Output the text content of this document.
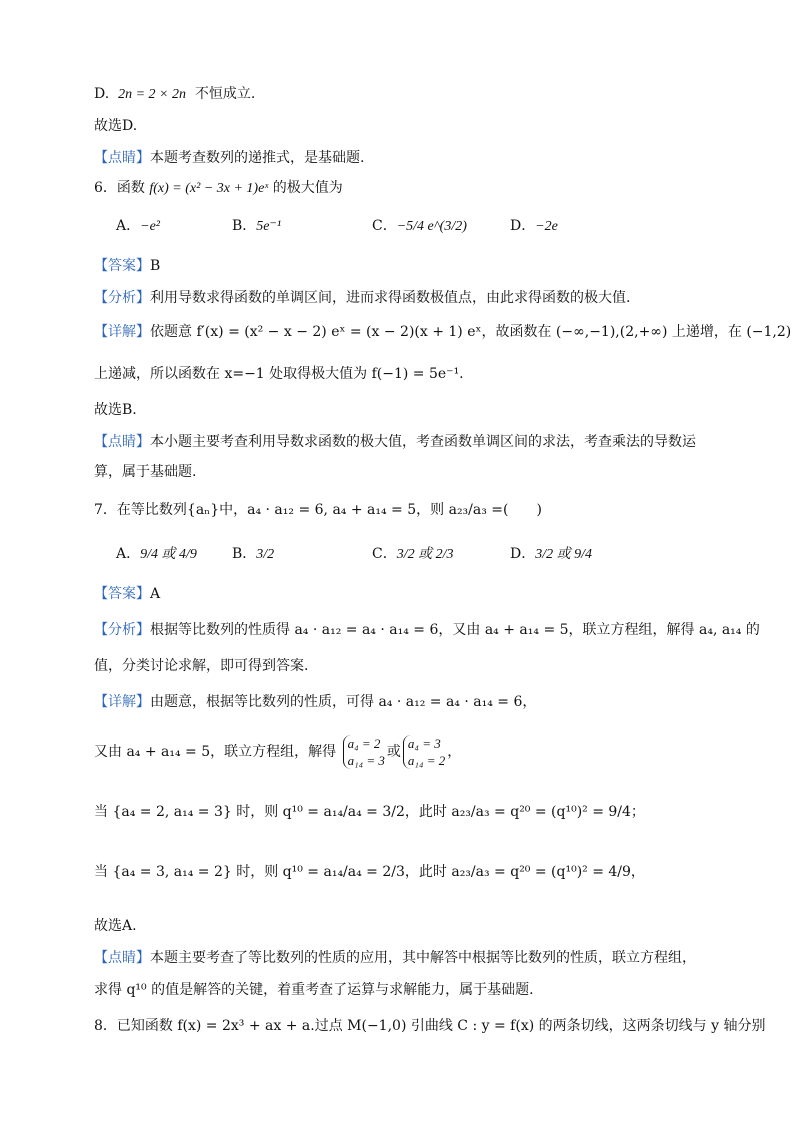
D. 2n = 2 × 2n 不恒成立.
故选D.
【点睛】本题考查数列的递推式，是基础题.
6．函数 f(x) = (x² − 3x + 1)eˣ 的极大值为
A．−e²	B．5e⁻¹	C．−5/4 e^(3/2)	D．−2e
【答案】B
【分析】利用导数求得函数的单调区间，进而求得函数极值点，由此求得函数的极大值.
【详解】依题意 f′(x) = (x² − x − 2) eˣ = (x − 2)(x + 1) eˣ，故函数在 (−∞,−1),(2,+∞) 上递增，在 (−1,2)
上递减，所以函数在 x=−1 处取得极大值为 f(−1) = 5e⁻¹.
故选B.
【点睛】本小题主要考查利用导数求函数的极大值，考查函数单调区间的求法，考查乘法的导数运
算，属于基础题.
7．在等比数列{aₙ}中，a₄ · a₁₂ = 6, a₄ + a₁₄ = 5，则 a₂₃/a₃ =(　　)
A．9/4 或 4/9	B．3/2	C．3/2 或 2/3	D．3/2 或 9/4
【答案】A
【分析】根据等比数列的性质得 a₄ · a₁₂ = a₄ · a₁₄ = 6，又由 a₄ + a₁₄ = 5，联立方程组，解得 a₄, a₁₄ 的
值，分类讨论求解，即可得到答案.
【详解】由题意，根据等比数列的性质，可得 a₄ · a₁₂ = a₄ · a₁₄ = 6，
又由 a₄ + a₁₄ = 5，联立方程组，解得
a₄ = 2
a₁₄ = 3
或
a₄ = 3
a₁₄ = 2
，
当 {a₄ = 2, a₁₄ = 3} 时，则 q¹⁰ = a₁₄/a₄ = 3/2，此时 a₂₃/a₃ = q²⁰ = (q¹⁰)² = 9/4；
当 {a₄ = 3, a₁₄ = 2} 时，则 q¹⁰ = a₁₄/a₄ = 2/3，此时 a₂₃/a₃ = q²⁰ = (q¹⁰)² = 4/9，
故选A.
【点睛】本题主要考查了等比数列的性质的应用，其中解答中根据等比数列的性质，联立方程组，
求得 q¹⁰ 的值是解答的关键，着重考查了运算与求解能力，属于基础题.
8．已知函数 f(x) = 2x³ + ax + a.过点 M(−1,0) 引曲线 C : y = f(x) 的两条切线，这两条切线与 y 轴分别
